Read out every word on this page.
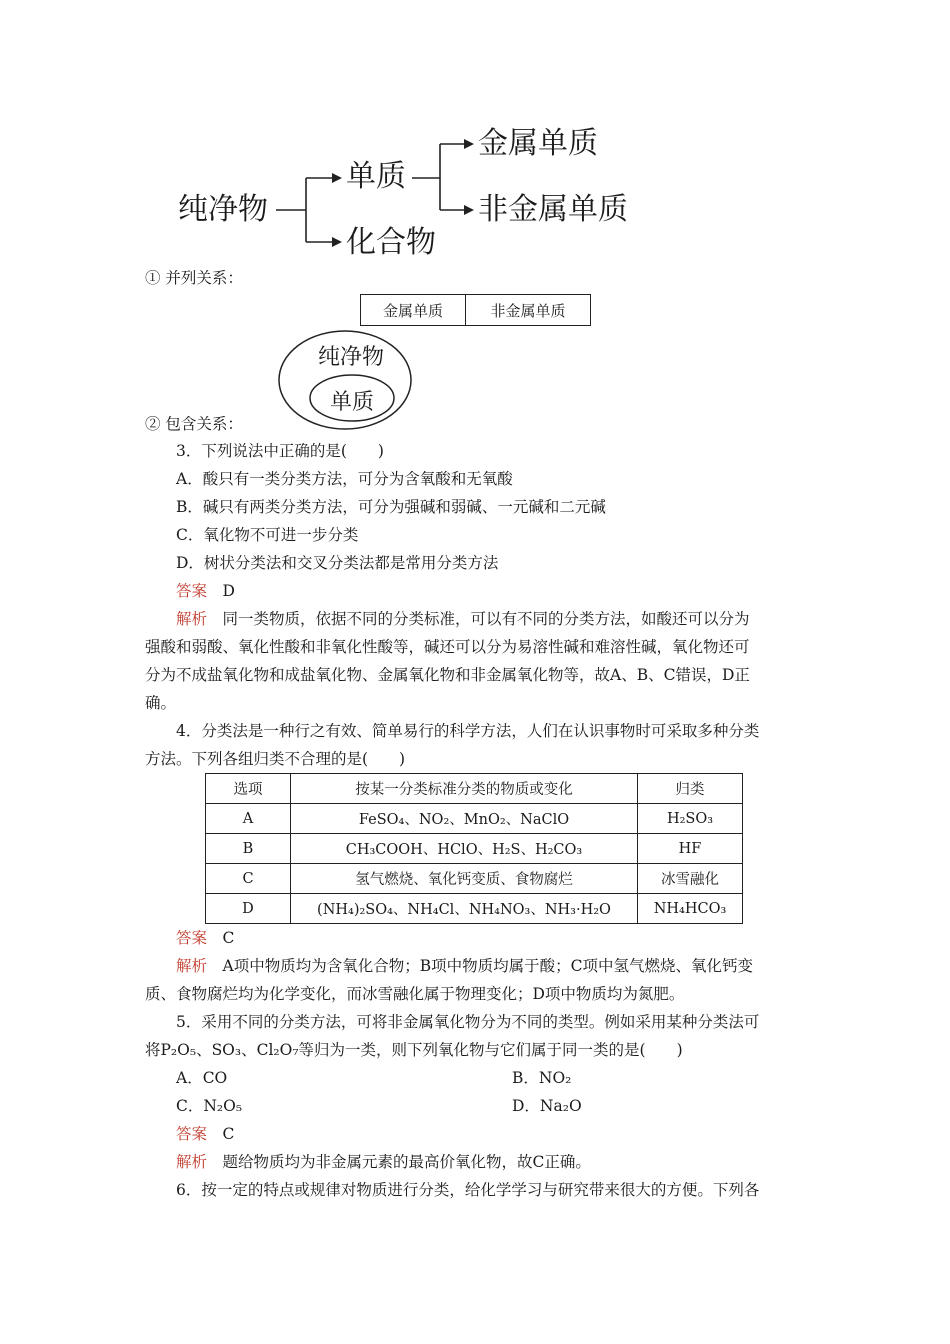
纯净物
单质
化合物
金属单质
非金属单质
① 并列关系：
金属单质	非金属单质
纯净物
单质
② 包含关系：
3．下列说法中正确的是(　　)
A．酸只有一类分类方法，可分为含氧酸和无氧酸
B．碱只有两类分类方法，可分为强碱和弱碱、一元碱和二元碱
C．氧化物不可进一步分类
D．树状分类法和交叉分类法都是常用分类方法
答案　 D
解析　 同一类物质，依据不同的分类标准，可以有不同的分类方法，如酸还可以分为
强酸和弱酸、氧化性酸和非氧化性酸等，碱还可以分为易溶性碱和难溶性碱，氧化物还可
分为不成盐氧化物和成盐氧化物、金属氧化物和非金属氧化物等，故A、B、C错误，D正
确。
4．分类法是一种行之有效、简单易行的科学方法，人们在认识事物时可采取多种分类
方法。下列各组归类不合理的是(　　)
选项	按某一分类标准分类的物质或变化	归类
A	FeSO₄、NO₂、MnO₂、NaClO	H₂SO₃
B	CH₃COOH、HClO、H₂S、H₂CO₃	HF
C	氢气燃烧、氧化钙变质、食物腐烂	冰雪融化
D	(NH₄)₂SO₄、NH₄Cl、NH₄NO₃、NH₃·H₂O	NH₄HCO₃
答案　 C
解析　 A项中物质均为含氧化合物；B项中物质均属于酸；C项中氢气燃烧、氧化钙变
质、食物腐烂均为化学变化，而冰雪融化属于物理变化；D项中物质均为氮肥。
5．采用不同的分类方法，可将非金属氧化物分为不同的类型。例如采用某种分类法可
将P₂O₅、SO₃、Cl₂O₇等归为一类，则下列氧化物与它们属于同一类的是(　　)
A．CO	B．NO₂
C．N₂O₅	D．Na₂O
答案　 C
解析　 题给物质均为非金属元素的最高价氧化物，故C正确。
6．按一定的特点或规律对物质进行分类，给化学学习与研究带来很大的方便。下列各
